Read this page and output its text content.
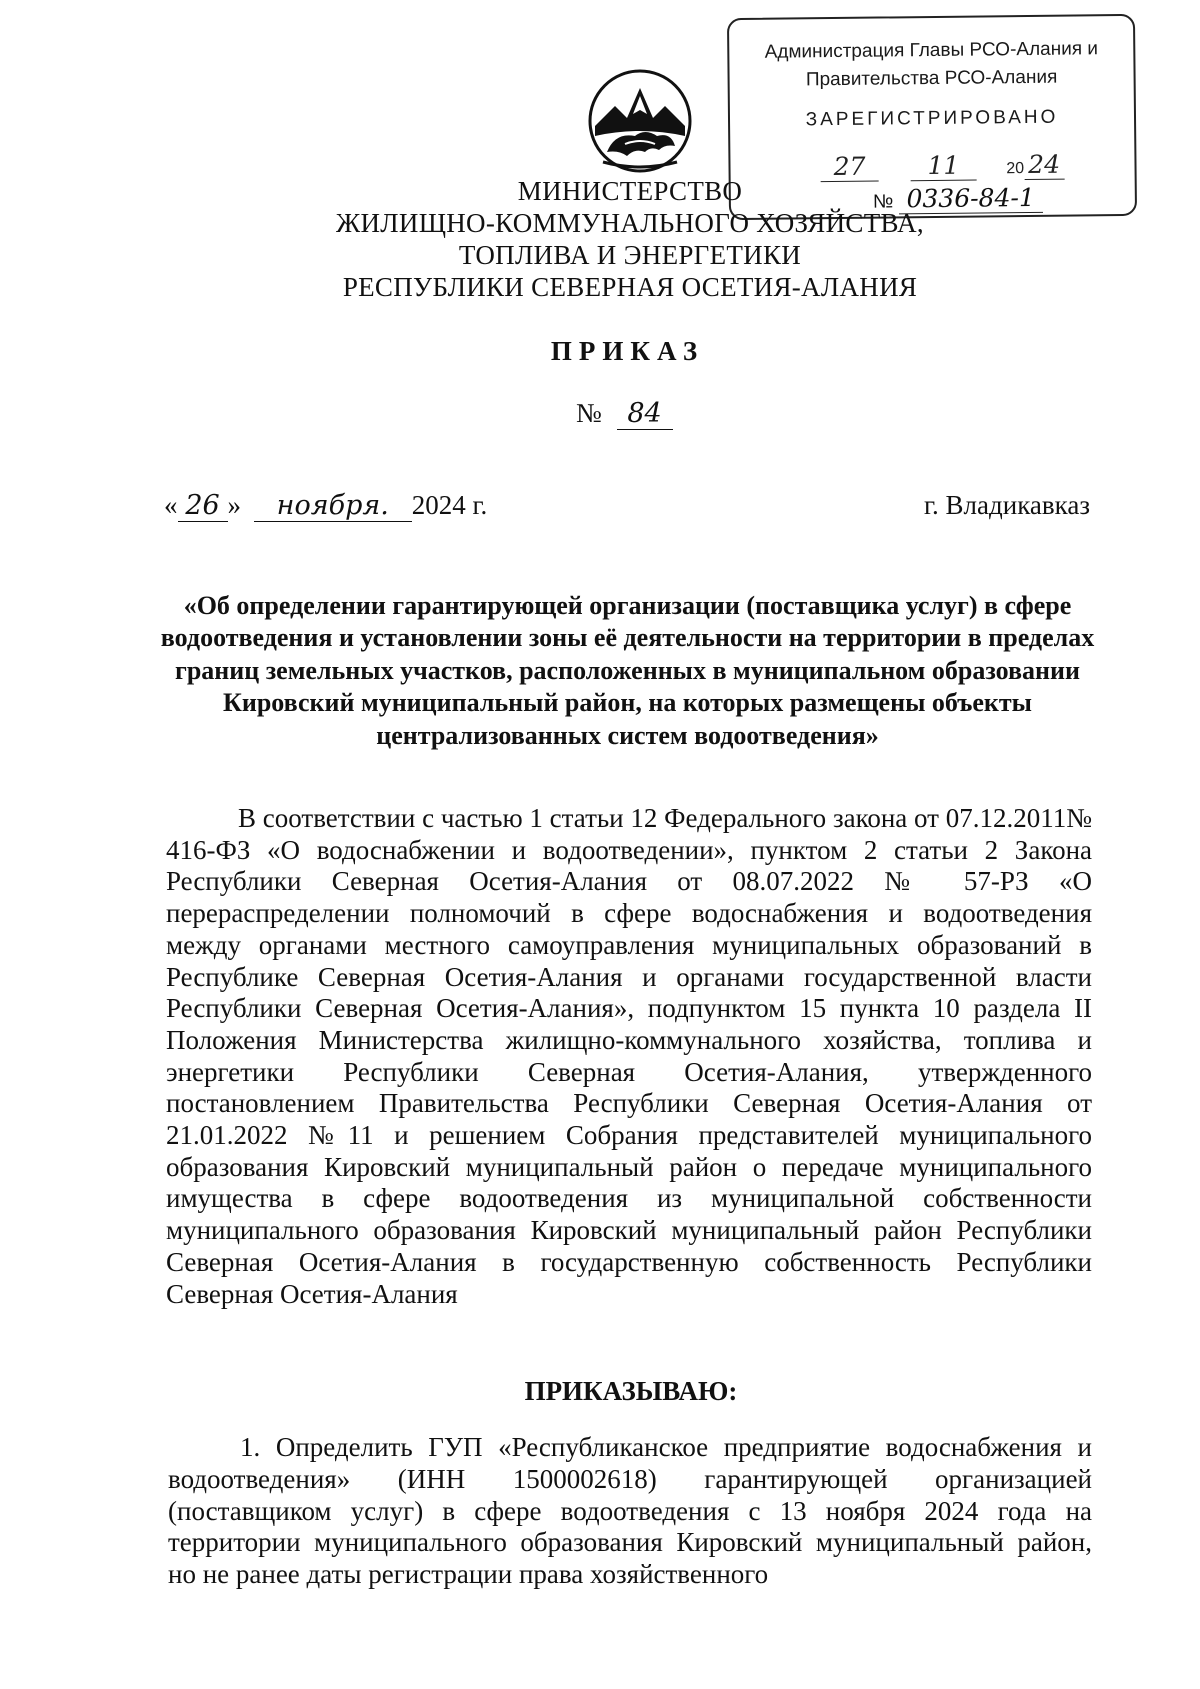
Администрация Главы РСО-Алания и
Правительства РСО-Алания
ЗАРЕГИСТРИРОВАНО
27 11	20 24
№ 0336-84-1
МИНИСТЕРСТВО
ЖИЛИЩНО-КОММУНАЛЬНОГО ХОЗЯЙСТВА,
ТОПЛИВА И ЭНЕРГЕТИКИ
РЕСПУБЛИКИ СЕВЕРНАЯ ОСЕТИЯ-АЛАНИЯ
ПРИКАЗ
№ 84
« 26 » ноября. 2024 г.	г. Владикавказ
«Об определении гарантирующей организации (поставщика услуг) в сфере водоотведения и установлении зоны её деятельности на территории в пределах границ земельных участков, расположенных в муниципальном образовании Кировский муниципальный район, на которых размещены объекты централизованных систем водоотведения»

В соответствии с частью 1 статьи 12 Федерального закона от 07.12.2011№ 416-ФЗ «О водоснабжении и водоотведении», пунктом 2 статьи 2 Закона Республики Северная Осетия-Алания от 08.07.2022 № 57-РЗ «О перераспределении полномочий в сфере водоснабжения и водоотведения между органами местного самоуправления муниципальных образований в Республике Северная Осетия-Алания и органами государственной власти Республики Северная Осетия-Алания», подпунктом 15 пункта 10 раздела II Положения Министерства жилищно-коммунального хозяйства, топлива и энергетики Республики Северная Осетия-Алания, утвержденного постановлением Правительства Республики Северная Осетия-Алания от 21.01.2022 №11 и решением Собрания представителей муниципального образования Кировский муниципальный район о передаче муниципального имущества в сфере водоотведения из муниципальной собственности муниципального образования Кировский муниципальный район Республики Северная Осетия-Алания в государственную собственность Республики Северная Осетия-Алания

ПРИКАЗЫВАЮ:

1. Определить ГУП «Республиканское предприятие водоснабжения и водоотведения» (ИНН 1500002618) гарантирующей организацией (поставщиком услуг) в сфере водоотведения с 13 ноября 2024 года на территории муниципального образования Кировский муниципальный район, но не ранее даты регистрации права хозяйственного
